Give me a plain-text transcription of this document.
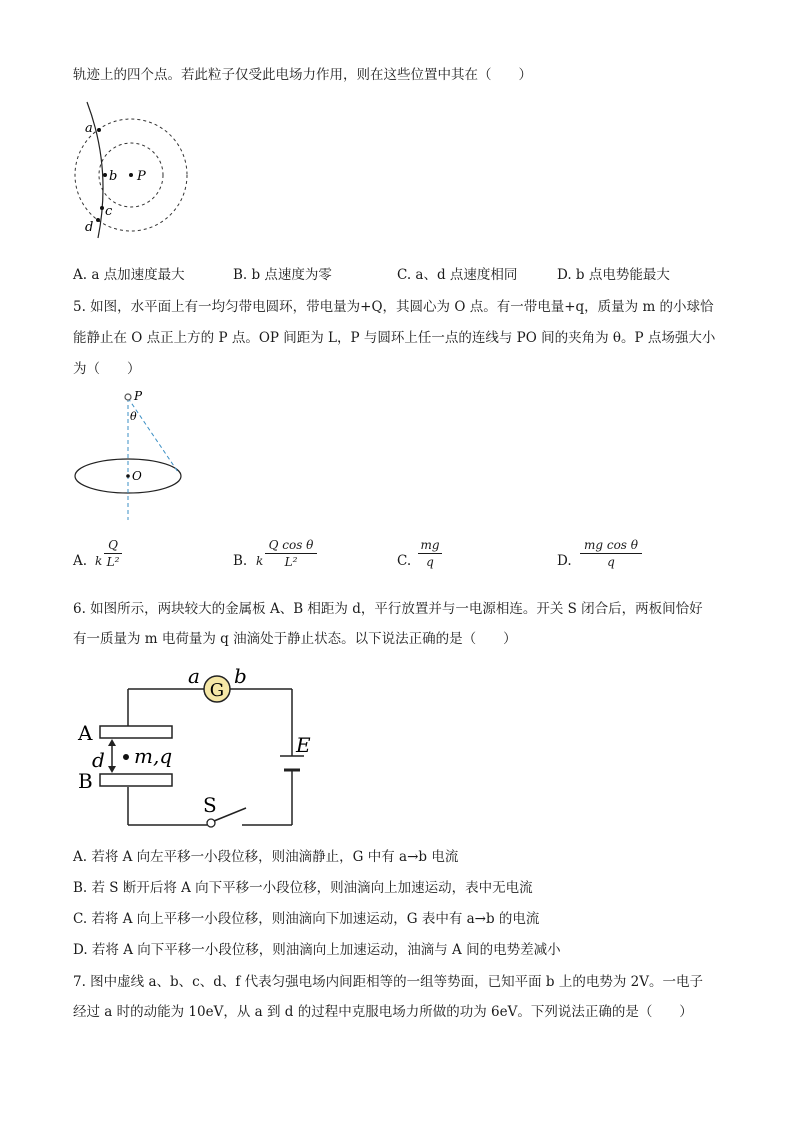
轨迹上的四个点。若此粒子仅受此电场力作用，则在这些位置中其在（　　）
a
b P
c
d
A. a 点加速度最大	B. b 点速度为零	C. a、d 点速度相同	D. b 点电势能最大
5. 如图，水平面上有一均匀带电圆环，带电量为+Q，其圆心为 O 点。有一带电量+q，质量为 m 的小球恰
能静止在 O 点正上方的 P 点。OP 间距为 L，P 与圆环上任一点的连线与 PO 间的夹角为 θ。P 点场强大小
为（　　）
P
θ
O
A. k
Q
L²	B. k
Q cos θ
L²	C.
mg
q	D.
mg cos θ
q
6. 如图所示，两块较大的金属板 A、B 相距为 d，平行放置并与一电源相连。开关 S 闭合后，两板间恰好
有一质量为 m 电荷量为 q 油滴处于静止状态。以下说法正确的是（　　）
G
a b
A
B
d m,q	E
S
A. 若将 A 向左平移一小段位移，则油滴静止，G 中有 a→b 电流
B. 若 S 断开后将 A 向下平移一小段位移，则油滴向上加速运动，表中无电流
C. 若将 A 向上平移一小段位移，则油滴向下加速运动，G 表中有 a→b 的电流
D. 若将 A 向下平移一小段位移，则油滴向上加速运动，油滴与 A 间的电势差减小
7. 图中虚线 a、b、c、d、f 代表匀强电场内间距相等的一组等势面，已知平面 b 上的电势为 2V。一电子
经过 a 时的动能为 10eV，从 a 到 d 的过程中克服电场力所做的功为 6eV。下列说法正确的是（　　）
